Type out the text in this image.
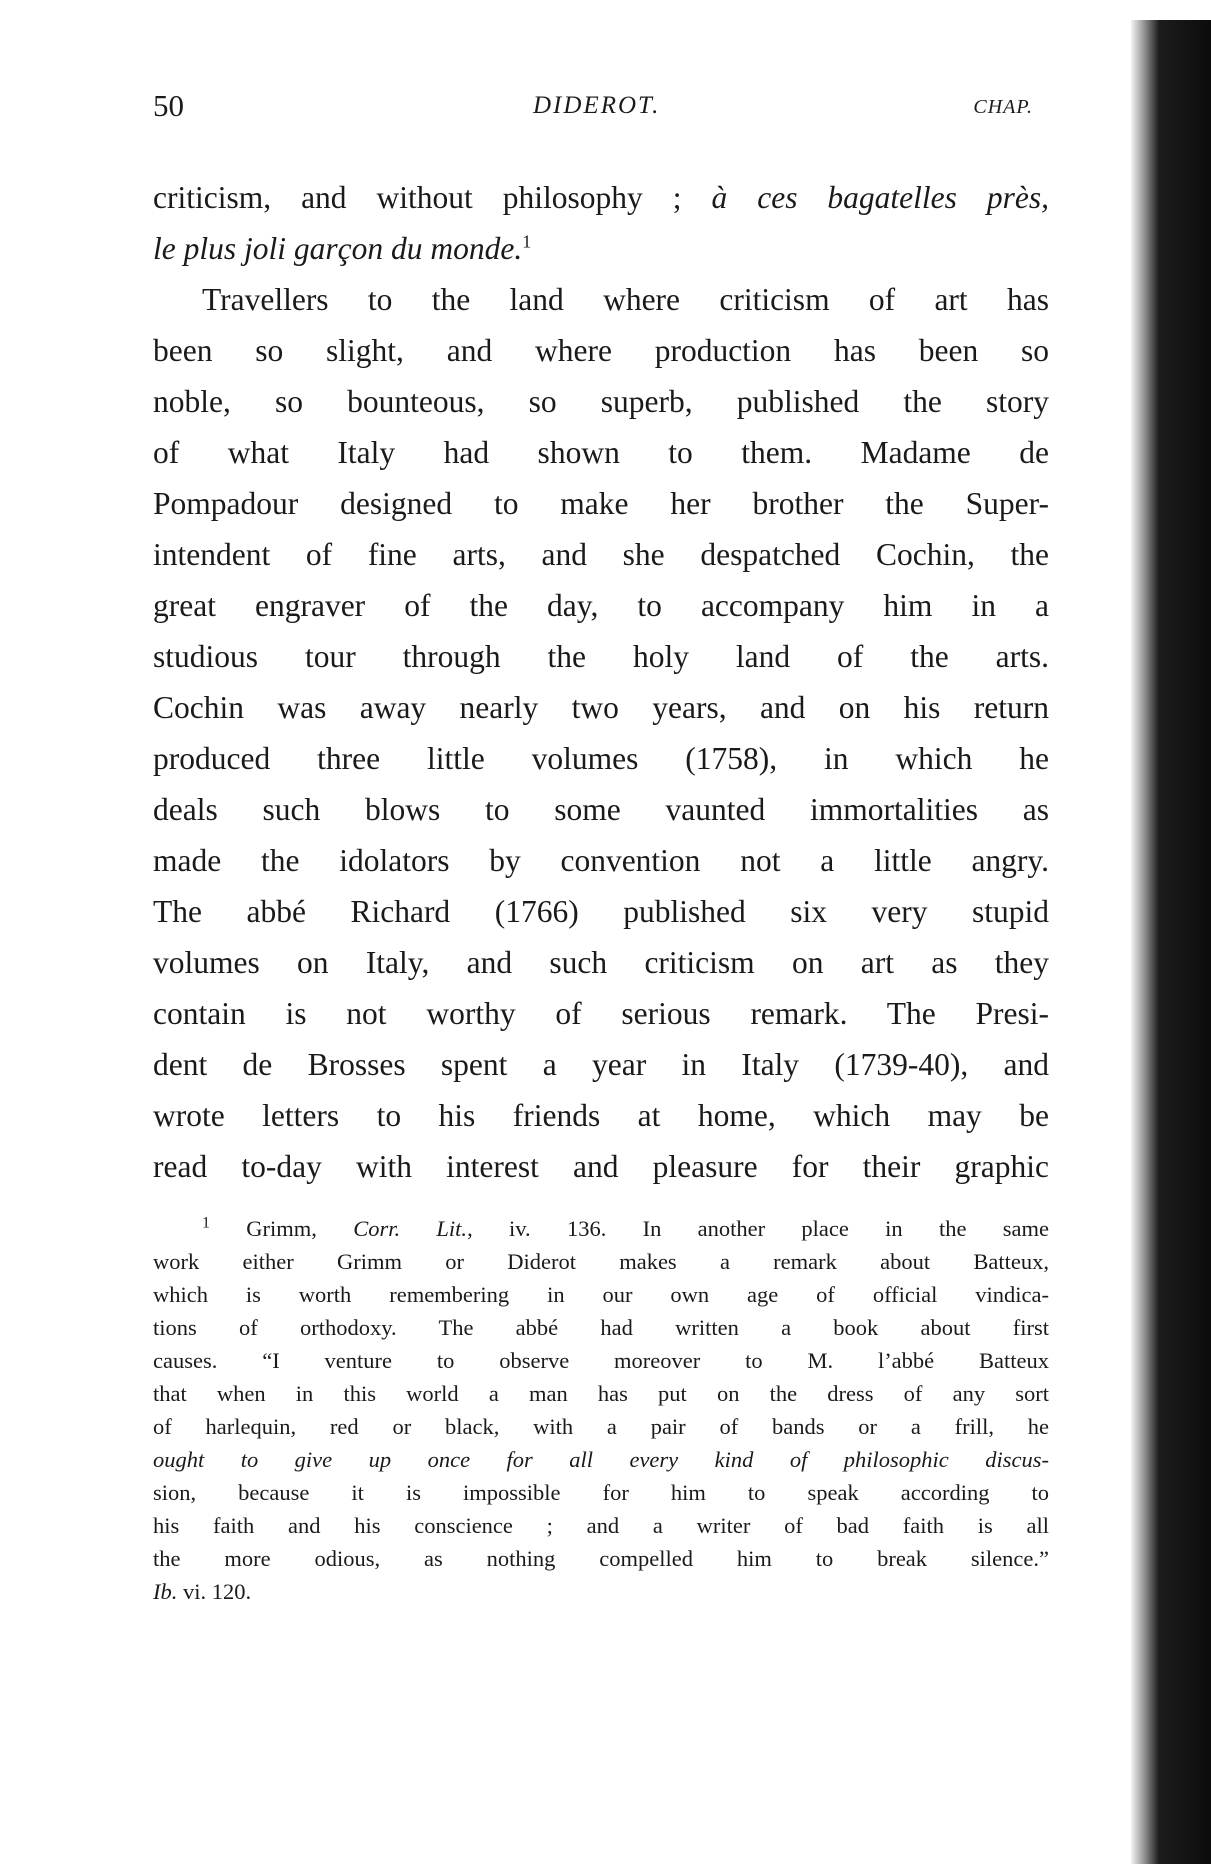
50	DIDEROT.	CHAP.
criticism, and without philosophy ; à ces bagatelles près,
le plus joli garçon du monde.$^1$
Travellers to the land where criticism of art has
been so slight, and where production has been so
noble, so bounteous, so superb, published the story
of what Italy had shown to them. Madame de
Pompadour designed to make her brother the Super-
intendent of fine arts, and she despatched Cochin, the
great engraver of the day, to accompany him in a
studious tour through the holy land of the arts.
Cochin was away nearly two years, and on his return
produced three little volumes (1758), in which he
deals such blows to some vaunted immortalities as
made the idolators by convention not a little angry.
The abbé Richard (1766) published six very stupid
volumes on Italy, and such criticism on art as they
contain is not worthy of serious remark. The Presi-
dent de Brosses spent a year in Italy (1739-40), and
wrote letters to his friends at home, which may be
read to-day with interest and pleasure for their graphic
$^1$ Grimm, Corr. Lit., iv. 136. In another place in the same
work either Grimm or Diderot makes a remark about Batteux,
which is worth remembering in our own age of official vindica-
tions of orthodoxy. The abbé had written a book about first
causes. “I venture to observe moreover to M. l’abbé Batteux
that when in this world a man has put on the dress of any sort
of harlequin, red or black, with a pair of bands or a frill, he
ought to give up once for all every kind of philosophic discus-
sion, because it is impossible for him to speak according to
his faith and his conscience ; and a writer of bad faith is all
the more odious, as nothing compelled him to break silence.”
Ib. vi. 120.
